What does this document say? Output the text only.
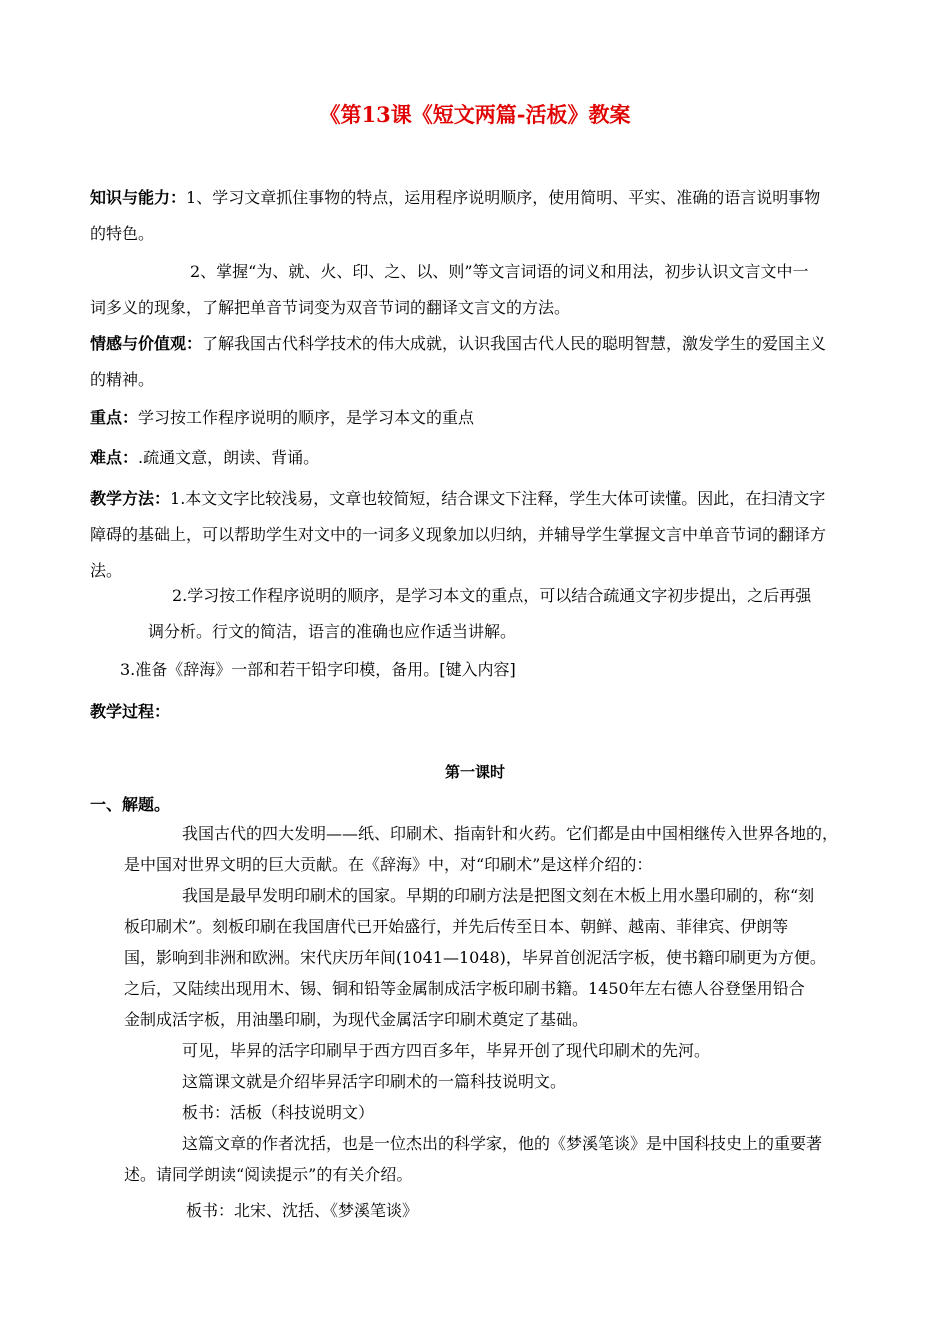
《第13课《短文两篇-活板》教案
知识与能力：1、学习文章抓住事物的特点，运用程序说明顺序，使用简明、平实、准确的语言说明事物
的特色。
2、掌握“为、就、火、印、之、以、则”等文言词语的词义和用法，初步认识文言文中一
词多义的现象，了解把单音节词变为双音节词的翻译文言文的方法。
情感与价值观：了解我国古代科学技术的伟大成就，认识我国古代人民的聪明智慧，激发学生的爱国主义
的精神。
重点：学习按工作程序说明的顺序，是学习本文的重点
难点：.疏通文意，朗读、背诵。
教学方法：1.本文文字比较浅易，文章也较简短，结合课文下注释，学生大体可读懂。因此，在扫清文字
障碍的基础上，可以帮助学生对文中的一词多义现象加以归纳，并辅导学生掌握文言中单音节词的翻译方
法。
2.学习按工作程序说明的顺序，是学习本文的重点，可以结合疏通文字初步提出，之后再强
调分析。行文的简洁，语言的准确也应作适当讲解。
3.准备《辞海》一部和若干铅字印模，备用。[键入内容]
教学过程：
第一课时
一、解题。
我国古代的四大发明——纸、印刷术、指南针和火药。它们都是由中国相继传入世界各地的，
是中国对世界文明的巨大贡献。在《辞海》中，对“印刷术”是这样介绍的：
我国是最早发明印刷术的国家。早期的印刷方法是把图文刻在木板上用水墨印刷的，称“刻
板印刷术”。刻板印刷在我国唐代已开始盛行，并先后传至日本、朝鲜、越南、菲律宾、伊朗等
国，影响到非洲和欧洲。宋代庆历年间(1041—1048)，毕昇首创泥活字板，使书籍印刷更为方便。
之后，又陆续出现用木、锡、铜和铅等金属制成活字板印刷书籍。1450年左右德人谷登堡用铅合
金制成活字板，用油墨印刷，为现代金属活字印刷术奠定了基础。
可见，毕昇的活字印刷早于西方四百多年，毕昇开创了现代印刷术的先河。
这篇课文就是介绍毕昇活字印刷术的一篇科技说明文。
板书：活板（科技说明文）
这篇文章的作者沈括，也是一位杰出的科学家，他的《梦溪笔谈》是中国科技史上的重要著
述。请同学朗读“阅读提示”的有关介绍。
板书：北宋、沈括、《梦溪笔谈》
